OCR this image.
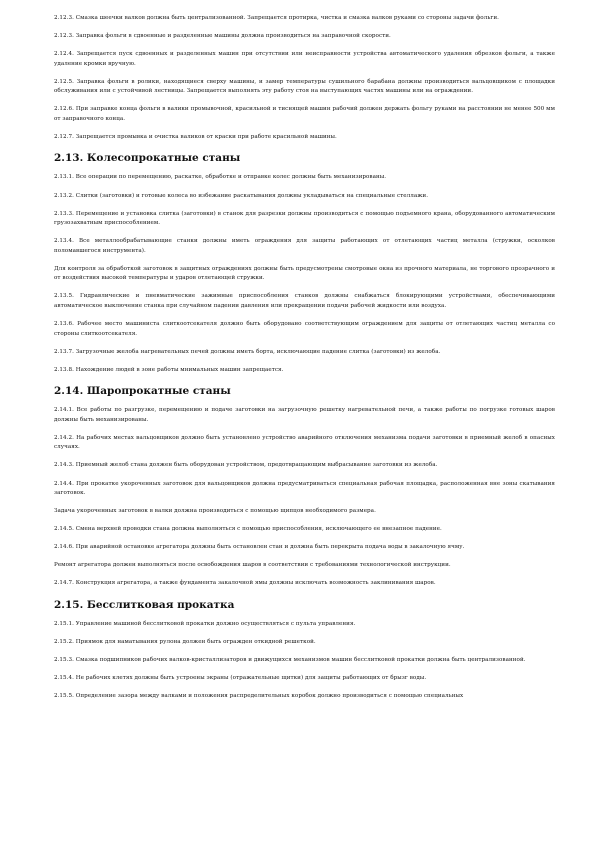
2.12.3. Смазка шеечки валков должна быть централизованной. Запрещается протирка, чистка и смазка валков руками со стороны задачи фольги.

2.12.3. Заправка фольги в сдвоенные и разделенные машины должна производиться на заправочной скорости.

2.12.4. Запрещается пуск сдвоенных и разделенных машин при отсутствии или неисправности устройства автоматического удаления обрезков фольги, а также удаление кромки вручную.

2.12.5. Заправка фольги в ролики, находящиеся сверху машины, и замер температуры сушильного барабана должны производиться вальцовщиком с площадки обслуживания или с устойчивой лестницы. Запрещается выполнять эту работу стоя на выступающих частях машины или на ограждении.

2.12.6. При заправке конца фольги в валики промывочной, красильной и тиснящей машин рабочий должен держать фольгу руками на расстоянии не менее 500 мм от заправочного конца.

2.12.7. Запрещается промывка и очистка валиков от краски при работе красильной машины.

2.13. Колесопрокатные станы

2.13.1. Все операции по перемещению, раскатке, обработке и отправке колес должны быть механизированы.

2.13.2. Слитки (заготовки) и готовые колеса во избежание раскатывания должны укладываться на специальные стеллажи.

2.13.3. Перемещение и установка слитка (заготовки) в станок для разрезки должны производиться с помощью подъемного крана, оборудованного автоматическим грузозахватным приспособлением.

2.13.4. Все металлообрабатывающие станки должны иметь ограждения для защиты работающих от отлетающих частиц металла (стружки, осколков поломавшегося инструмента).

Для контроля за обработкой заготовок в защитных ограждениях должны быть предусмотрены смотровые окна из прочного материала, не торгового прозрачного и от воздействия высокой температуры и ударов отлетающей стружки.

2.13.5. Гидравлические и пневматические зажимные приспособления станков должны снабжаться блокирующими устройствами, обеспечивающими автоматическое выключение станка при случайном падении давления или прекращении подачи рабочей жидкости или воздуха.

2.13.6. Рабочее место машиниста слиткоотсекателя должно быть оборудовано соответствующим ограждением для защиты от отлетающих частиц металла со стороны слиткоотсекателя.

2.13.7. Загрузочные желоба нагревательных печей должны иметь борта, исключающие падение слитка (заготовки) из желоба.

2.13.8. Нахождение людей в зоне работы мнимальных машин запрещается.

2.14. Шаропрокатные станы

2.14.1. Все работы по разгрузке, перемещению и подаче заготовки на загрузочную решетку нагревательной печи, а также работы по погрузке готовых шаров должны быть механизированы.

2.14.2. На рабочих местах вальцовщиков должно быть установлено устройство аварийного отключения механизма подачи заготовки в приемный желоб в опасных случаях.

2.14.3. Приемный желоб стана должен быть оборудован устройством, предотвращающим выбрасывание заготовки из желоба.

2.14.4. При прокатке укороченных заготовок для вальцовщиков должна предусматриваться специальная рабочая площадка, расположенная вне зоны скатывания заготовок.

Задача укороченных заготовок в валки должна производиться с помощью щипцов необходимого размера.

2.14.5. Смена верхней проводки стана должна выполняться с помощью приспособления, исключающего ее внезапное падение.

2.14.6. При аварийной остановке агрегатора должны быть остановлен стан и должна быть перекрыта подача воды в закалочную ячму.

Ремонт агрегатора должен выполняться после освобождения шаров в соответствии с требованиями технологической инструкции.

2.14.7. Конструкция агрегатора, а также фундамента закалочной ямы должны исключать возможность заклинивания шаров.

2.15. Бесслитковая прокатка

2.15.1. Управление машиной бесслитковой прокатки должно осуществляться с пульта управления.

2.15.2. Приямок для наматывания рулона должен быть огражден откидной решеткой.

2.15.3. Смазка подшипников рабочих валков-кристаллизаторов и движущихся механизмов машин бесслитковой прокатки должна быть централизованной.

2.15.4. Не рабочих клетях должны быть устроены экраны (отражательные щитки) для защиты работающих от брызг воды.

2.15.5. Определение зазора между валками и положения распределительных коробок должно производиться с помощью специальных
